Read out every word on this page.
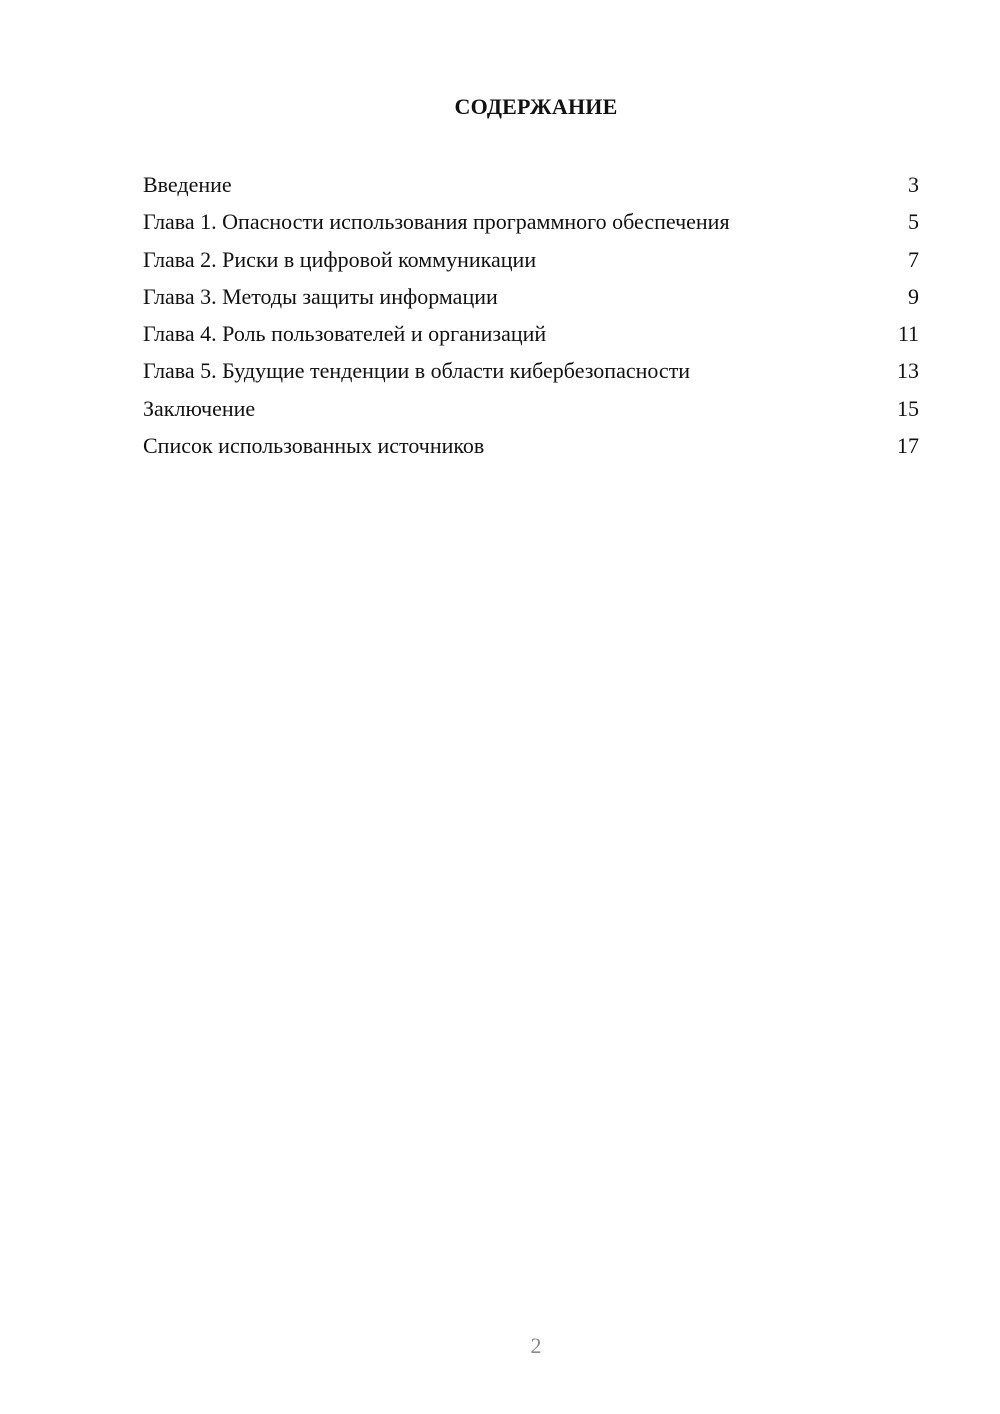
СОДЕРЖАНИЕ
Введение	3
Глава 1. Опасности использования программного обеспечения	5
Глава 2. Риски в цифровой коммуникации	7
Глава 3. Методы защиты информации	9
Глава 4. Роль пользователей и организаций	11
Глава 5. Будущие тенденции в области кибербезопасности	13
Заключение	15
Список использованных источников	17
2
